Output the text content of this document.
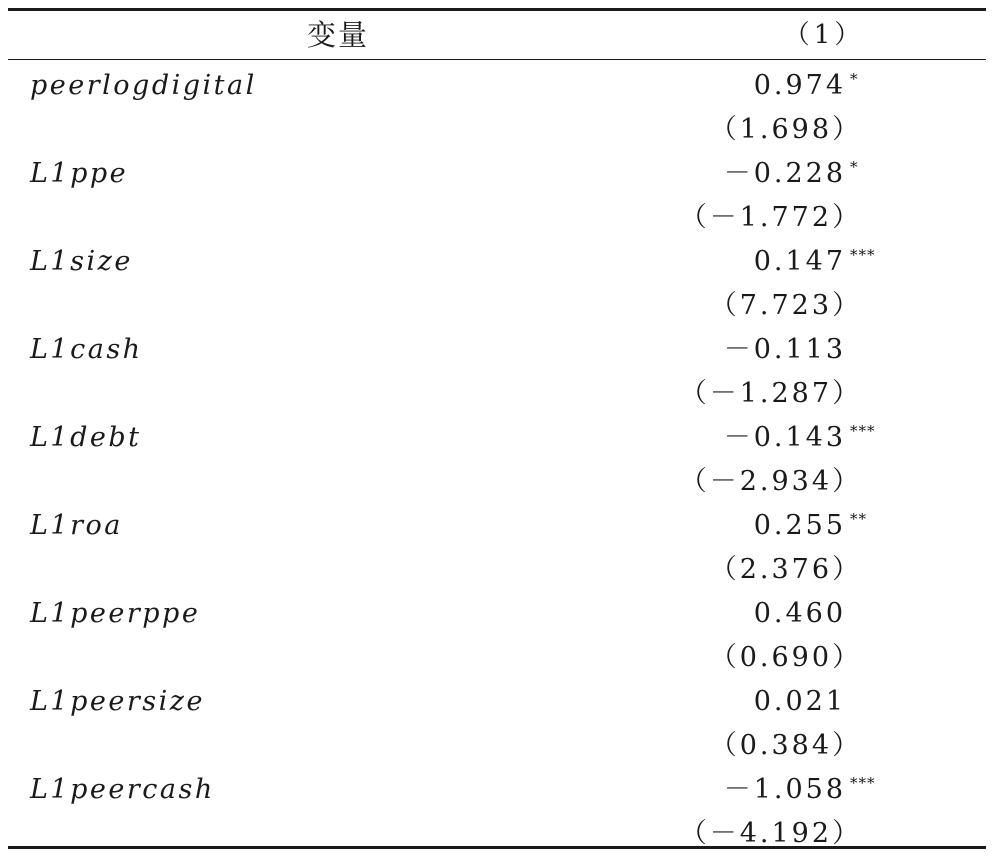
变量	（1）
peerlogdigital	0.974 *
（1.698）
L1ppe	－0.228 *
（－1.772）
L1size	0.147 ***
（7.723）
L1cash	－0.113
（－1.287）
L1debt	－0.143 ***
（－2.934）
L1roa	0.255 **
（2.376）
L1peerppe	0.460
（0.690）
L1peersize	0.021
（0.384）
L1peercash	－1.058 ***
（－4.192）
